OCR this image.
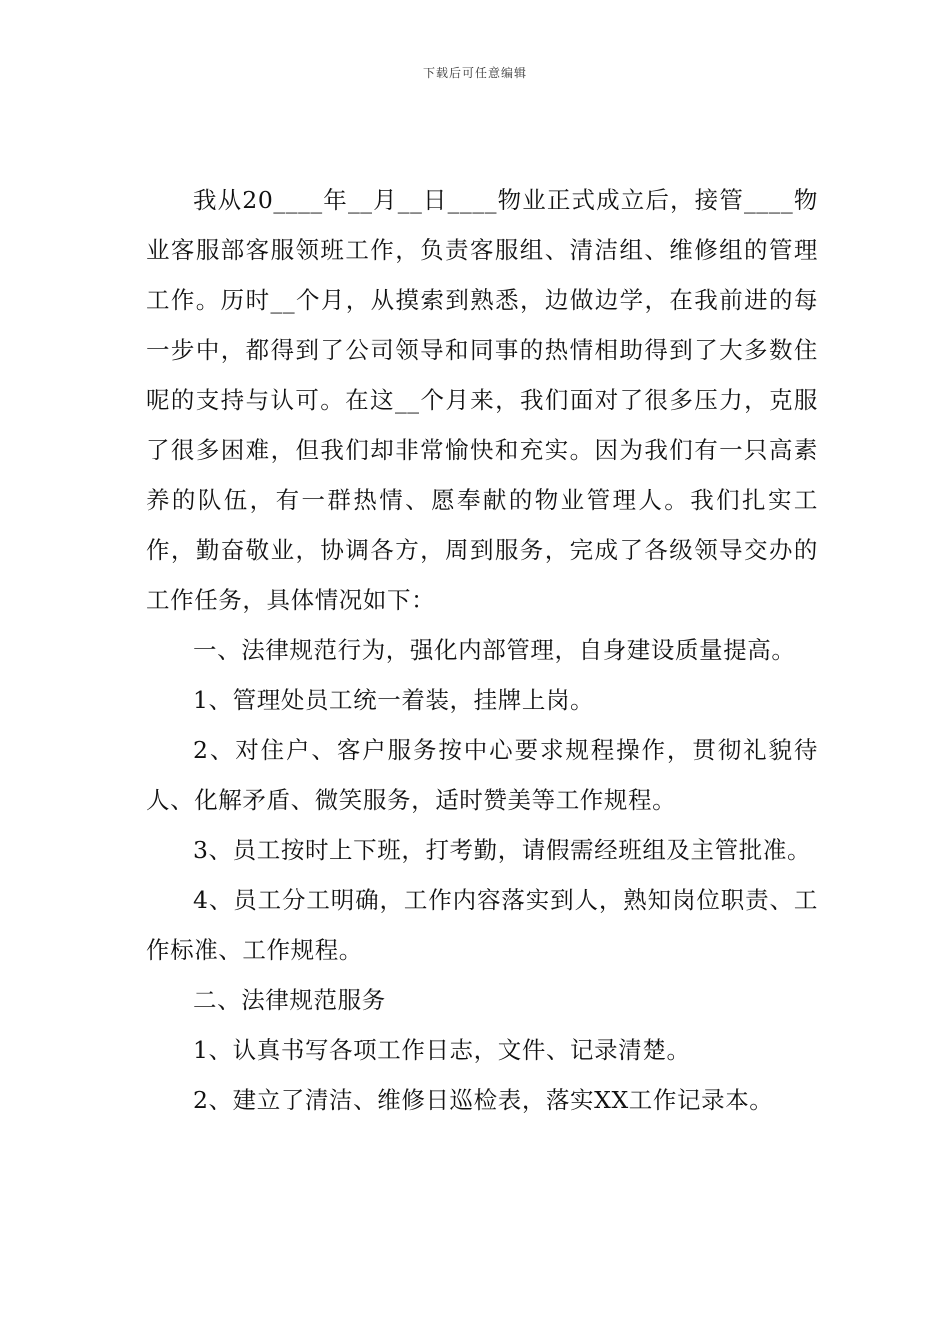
下载后可任意编辑

我从20____年__月__日____物业正式成立后，接管____物业客服部客服领班工作，负责客服组、清洁组、维修组的管理工作。历时__个月，从摸索到熟悉，边做边学，在我前进的每一步中，都得到了公司领导和同事的热情相助得到了大多数住呢的支持与认可。在这__个月来，我们面对了很多压力，克服了很多困难，但我们却非常愉快和充实。因为我们有一只高素养的队伍，有一群热情、愿奉献的物业管理人。我们扎实工作，勤奋敬业，协调各方，周到服务，完成了各级领导交办的工作任务，具体情况如下：

一、法律规范行为，强化内部管理，自身建设质量提高。

1、管理处员工统一着装，挂牌上岗。

2、对住户、客户服务按中心要求规程操作，贯彻礼貌待人、化解矛盾、微笑服务，适时赞美等工作规程。

3、员工按时上下班，打考勤，请假需经班组及主管批准。

4、员工分工明确，工作内容落实到人，熟知岗位职责、工作标准、工作规程。

二、法律规范服务

1、认真书写各项工作日志，文件、记录清楚。

2、建立了清洁、维修日巡检表，落实XX工作记录本。
